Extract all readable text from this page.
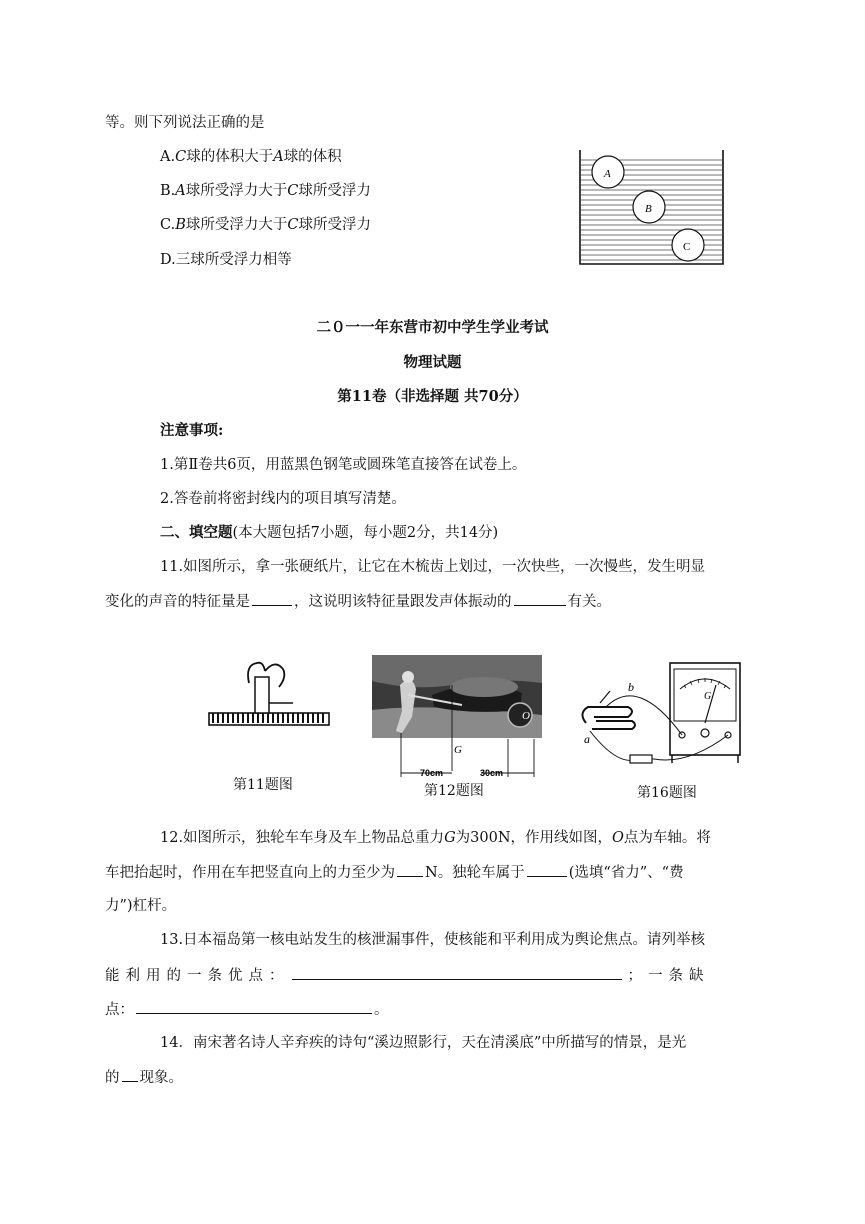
等。则下列说法正确的是
A.C球的体积大于A球的体积
B.A球所受浮力大于C球所受浮力
C.B球所受浮力大于C球所受浮力
D.三球所受浮力相等
A
B
C
二０一一年东营市初中学生学业考试
物理试题
第11卷（非选择题 共70分）
注意事项:
1.第Ⅱ卷共6页，用蓝黑色钢笔或圆珠笔直接答在试卷上。
2.答卷前将密封线内的项目填写清楚。
二、填空题(本大题包括7小题，每小题2分，共14分)
11.如图所示，拿一张硬纸片，让它在木梳齿上划过，一次快些，一次慢些，发生明显
变化的声音的特征量是	，这说明该特征量跟发声体振动的	有关。
第11题图
O
G
70cm	30cm
第12题图
a
b
G
第16题图
12.如图所示，独轮车车身及车上物品总重力G为300N，作用线如图，O点为车轴。将
车把抬起时，作用在车把竖直向上的力至少为 N。独轮车属于	(选填“省力”、“费
力”)杠杆。
13.日本福岛第一核电站发生的核泄漏事件，使核能和平利用成为舆论焦点。请列举核
能利用的一条优点：	；一条缺
点：	。
14．南宋著名诗人辛弃疾的诗句“溪边照影行，天在清溪底”中所描写的情景，是光
的 现象。
